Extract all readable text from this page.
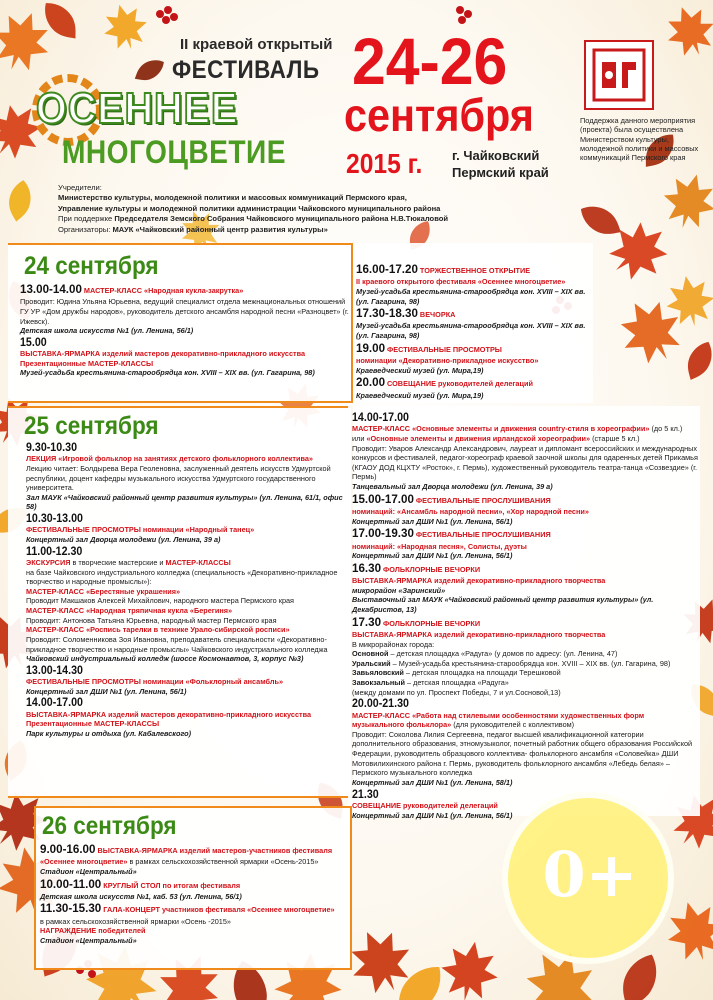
II краевой открытый
ФЕСТИВАЛЬ
ОСЕННЕЕ
МНОГОЦВЕТИЕ
24-26
сентября
2015 г. г. Чайковский
Пермский край
Поддержка данного мероприятия (проекта) была осуществлена Министерством культуры, молодежной политики и массовых коммуникаций Пермского края
Учредители:
Министерство культуры, молодежной политики и массовых коммуникаций Пермского края,
Управление культуры и молодежной политики администрации Чайковского муниципального района
При поддержке Председателя Земского Собрания Чайковского муниципального района Н.В.Тюкаловой
Организаторы: МАУК «Чайковский районный центр развития культуры»
24 сентября
13.00-14.00 МАСТЕР-КЛАСС «Народная кукла-закрутка»
Проводит: Юдина Ульяна Юрьевна, ведущий специалист отдела межнациональных отношений ГУ УР «Дом дружбы народов», руководитель детского ансамбля народной песни «Разноцвет» (г. Ижевск).
Детская школа искусств №1 (ул. Ленина, 56/1)
15.00
ВЫСТАВКА-ЯРМАРКА изделий мастеров декоративно-прикладного искусства
Презентационные МАСТЕР-КЛАССЫ
Музей-усадьба крестьянина-старообрядца кон. XVIII – XIX вв. (ул. Гагарина, 98)
16.00-17.20 ТОРЖЕСТВЕННОЕ ОТКРЫТИЕ
II краевого открытого фестиваля «Осеннее многоцветие»
Музей-усадьба крестьянина-старообрядца кон. XVIII – XIX вв. (ул. Гагарина, 98)
17.30-18.30 ВЕЧОРКА
Музей-усадьба крестьянина-старообрядца кон. XVIII – XIX вв. (ул. Гагарина, 98)
19.00 ФЕСТИВАЛЬНЫЕ ПРОСМОТРЫ
номинации «Декоративно-прикладное искусство»
Краеведческий музей (ул. Мира,19)
20.00 СОВЕЩАНИЕ руководителей делегаций
Краеведческий музей (ул. Мира,19)
25 сентября
9.30-10.30
ЛЕКЦИЯ «Игровой фольклор на занятиях детского фольклорного коллектива»
Лекцию читает: Болдырева Вера Геоленовна, заслуженный деятель искусств Удмуртской республики, доцент кафедры музыкального искусства Удмуртского государственного университета.
Зал МАУК «Чайковский районный центр развития культуры» (ул. Ленина, 61/1, офис 58)
10.30-13.00
ФЕСТИВАЛЬНЫЕ ПРОСМОТРЫ номинации «Народный танец»
Концертный зал Дворца молодежи (ул. Ленина, 39 а)
11.00-12.30
ЭКСКУРСИЯ в творческие мастерские и МАСТЕР-КЛАССЫ
на базе Чайковского индустриального колледжа (специальность «Декоративно-прикладное творчество и народные промыслы»):
МАСТЕР-КЛАСС «Берестяные украшения»
Проводит Макшаков Алексей Михайлович, народного мастера Пермского края
МАСТЕР-КЛАСС «Народная тряпичная кукла «Берегиня»
Проводит: Антонова Татьяна Юрьевна, народный мастер Пермского края
МАСТЕР-КЛАСС «Роспись тарелки в технике Урало-сибирской росписи»
Проводит: Соломенникова Зоя Ивановна, преподаватель специальности «Декоративно-прикладное творчество и народные промыслы» Чайковского индустриального колледжа
Чайковский индустриальный колледж (шоссе Космонавтов, 3, корпус №3)
13.00-14.30
ФЕСТИВАЛЬНЫЕ ПРОСМОТРЫ номинации «Фольклорный ансамбль»
Концертный зал ДШИ №1 (ул. Ленина, 56/1)
14.00-17.00
ВЫСТАВКА-ЯРМАРКА изделий мастеров декоративно-прикладного искусства
Презентационные МАСТЕР-КЛАССЫ
Парк культуры и отдыха (ул. Кабалевского)
14.00-17.00
МАСТЕР-КЛАСС «Основные элементы и движения country-стиля в хореографии» (до 5 кл.)
или «Основные элементы и движения ирландской хореографии» (старше 5 кл.)
Проводит: Уваров Александр Александрович, лауреат и дипломант всероссийских и международных конкурсов и фестивалей, педагог-хореограф краевой заочной школы для одаренных детей Прикамья (КГАОУ ДОД КЦХТУ «Росток», г. Пермь), художественный руководитель театра-танца «Созвездие» (г. Пермь)
Танцевальный зал Дворца молодежи (ул. Ленина, 39 а)
15.00-17.00 ФЕСТИВАЛЬНЫЕ ПРОСЛУШИВАНИЯ
номинаций: «Ансамбль народной песни», «Хор народной песни»
Концертный зал ДШИ №1 (ул. Ленина, 56/1)
17.00-19.30 ФЕСТИВАЛЬНЫЕ ПРОСЛУШИВАНИЯ
номинаций: «Народная песня», Солисты, дуэты
Концертный зал ДШИ №1 (ул. Ленина, 56/1)
16.30 ФОЛЬКЛОРНЫЕ ВЕЧОРКИ
ВЫСТАВКА-ЯРМАРКА изделий декоративно-прикладного творчества
микрорайон «Заринский»
Выставочный зал МАУК «Чайковский районный центр развития культуры» (ул. Декабристов, 13)
17.30 ФОЛЬКЛОРНЫЕ ВЕЧОРКИ
ВЫСТАВКА-ЯРМАРКА изделий декоративно-прикладного творчества
В микрорайонах города:
Основной – детская площадка «Радуга» (у домов по адресу: (ул. Ленина, 47)
Уральский – Музей-усадьба крестьянина-старообрядца кон. XVIII – XIX вв. (ул. Гагарина, 98)
Завьяловский – детская площадка на площади Терешковой
Завокзальный – детская площадка «Радуга»
(между домами по ул. Проспект Победы, 7 и ул.Сосновой,13)
20.00-21.30
МАСТЕР-КЛАСС «Работа над стилевыми особенностями художественных форм музыкального фольклора» (для руководителей с коллективом)
Проводит: Соколова Лилия Сергеевна, педагог высшей квалификационной категории дополнительного образования, этномузыколог, почетный работник общего образования Российской Федерации, руководитель образцового коллектива- фольклорного ансамбля «Соловейка» ДШИ Мотовилихинского района г. Пермь, руководитель фольклорного ансамбля «Лебедь белая» – Пермского музыкального колледжа
Концертный зал ДШИ №1 (ул. Ленина, 58/1)
21.30
СОВЕЩАНИЕ руководителей делегаций
Концертный зал ДШИ №1 (ул. Ленина, 56/1)
26 сентября
9.00-16.00 ВЫСТАВКА-ЯРМАРКА изделий мастеров-участников фестиваля «Осеннее многоцветие» в рамках сельскохозяйственной ярмарки «Осень-2015»
Стадион «Центральный»
10.00-11.00 КРУГЛЫЙ СТОЛ по итогам фестиваля
Детская школа искусств №1, каб. 53 (ул. Ленина, 56/1)
11.30-15.30 ГАЛА-КОНЦЕРТ участников фестиваля «Осеннее многоцветие»
в рамках сельскохозяйственной ярмарки «Осень -2015»
НАГРАЖДЕНИЕ победителей
Стадион «Центральный»
0+
